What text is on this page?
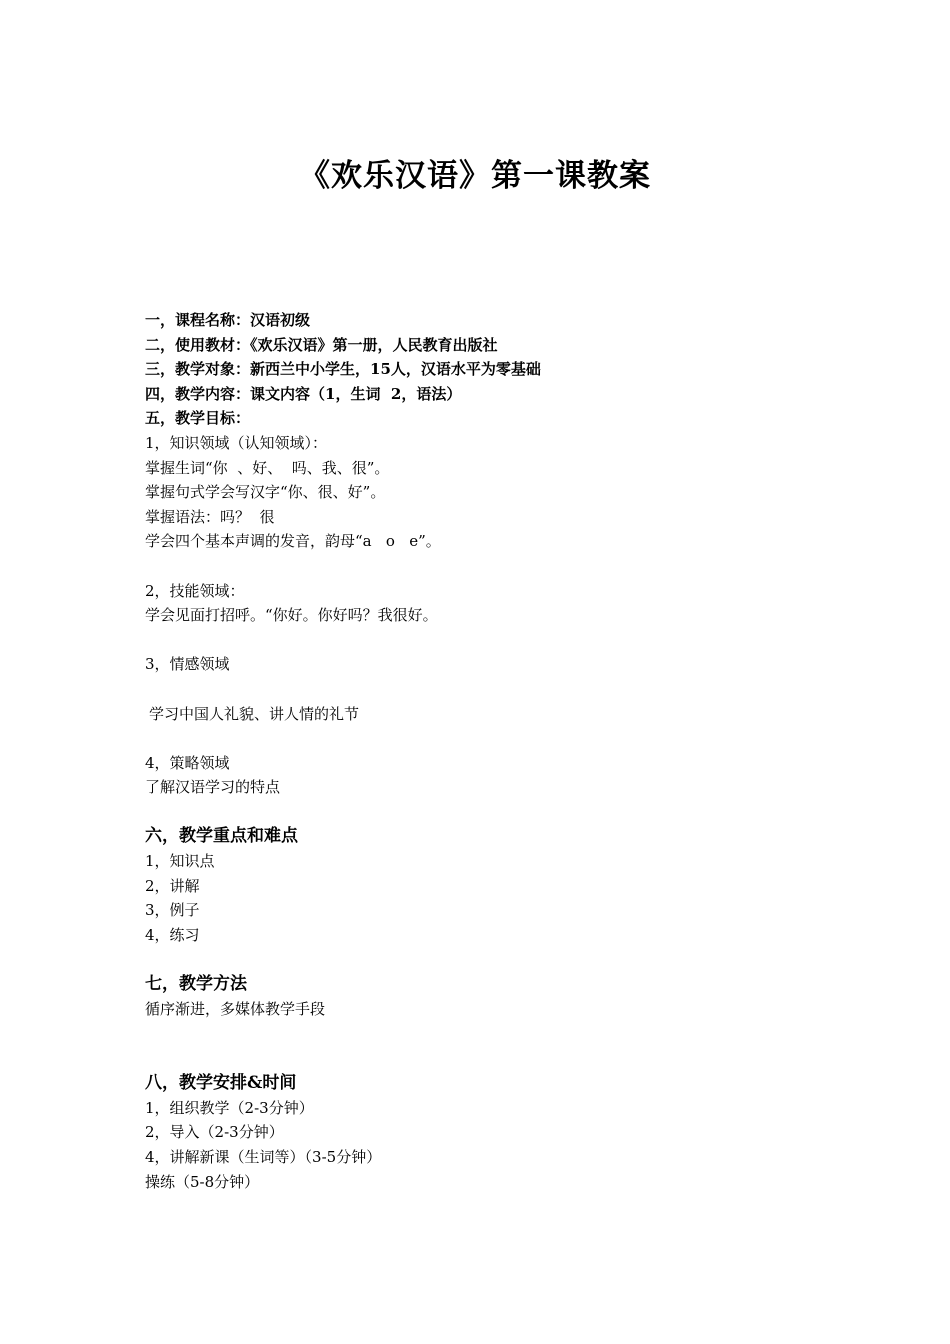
《欢乐汉语》第一课教案
一，课程名称：汉语初级
二，使用教材：《欢乐汉语》第一册，人民教育出版社
三，教学对象：新西兰中小学生，15人，汉语水平为零基础
四，教学内容：课文内容（1，生词  2，语法）
五，教学目标：
1，知识领域（认知领域）：
掌握生词“你  、好、  吗、我、很”。
掌握句式学会写汉字“你、很、好”。
掌握语法：吗？  很
学会四个基本声调的发音，韵母“a   o   e”。
2，技能领域：
学会见面打招呼。“你好。你好吗？我很好。
3，情感领域
学习中国人礼貌、讲人情的礼节
4，策略领域
了解汉语学习的特点
六，教学重点和难点
1，知识点
2，讲解
3，例子
4，练习
七，教学方法
循序渐进，多媒体教学手段
八，教学安排&时间
1，组织教学（2-3分钟）
2，导入（2-3分钟）
4，讲解新课（生词等）（3-5分钟）
操练（5-8分钟）
